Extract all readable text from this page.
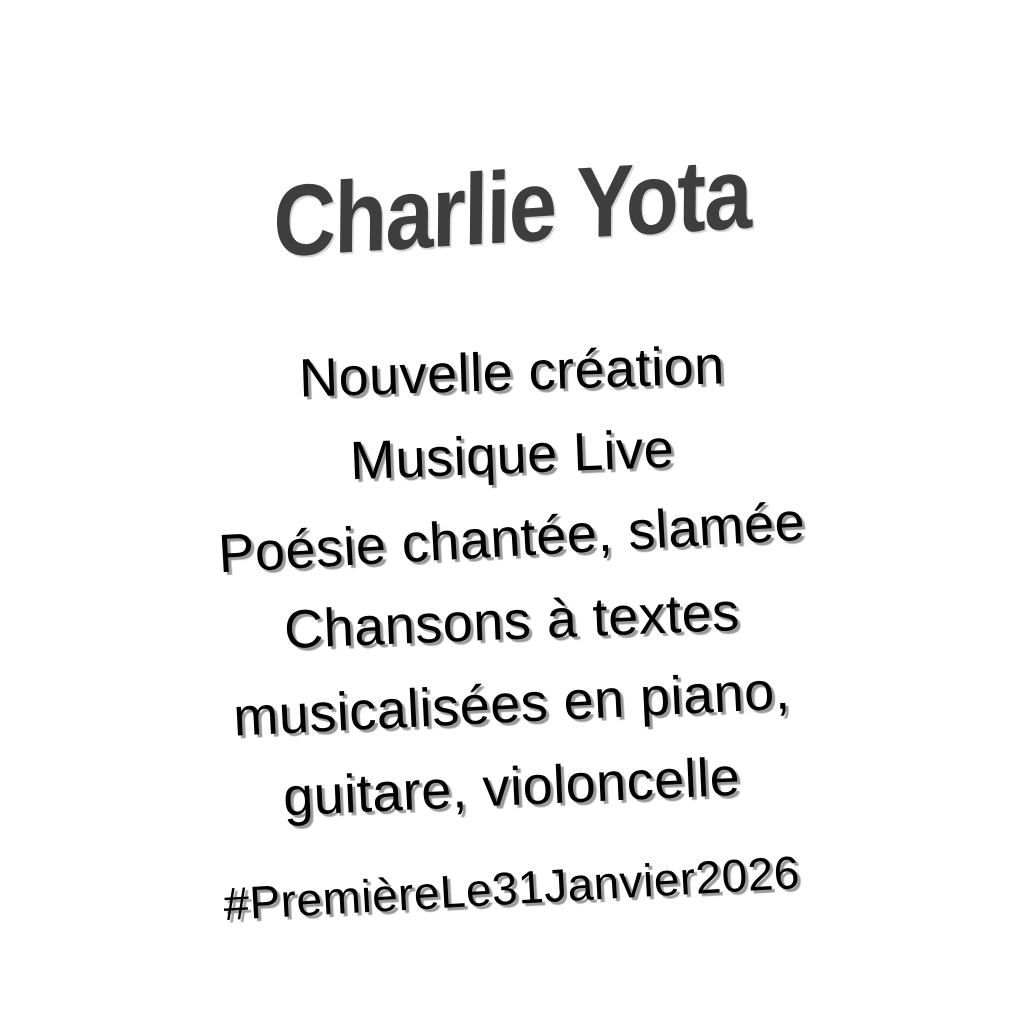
Charlie Yota

Nouvelle création

Musique Live

Poésie chantée, slamée

Chansons à textes

musicalisées en piano,

guitare, violoncelle

#PremièreLe31Janvier2026
